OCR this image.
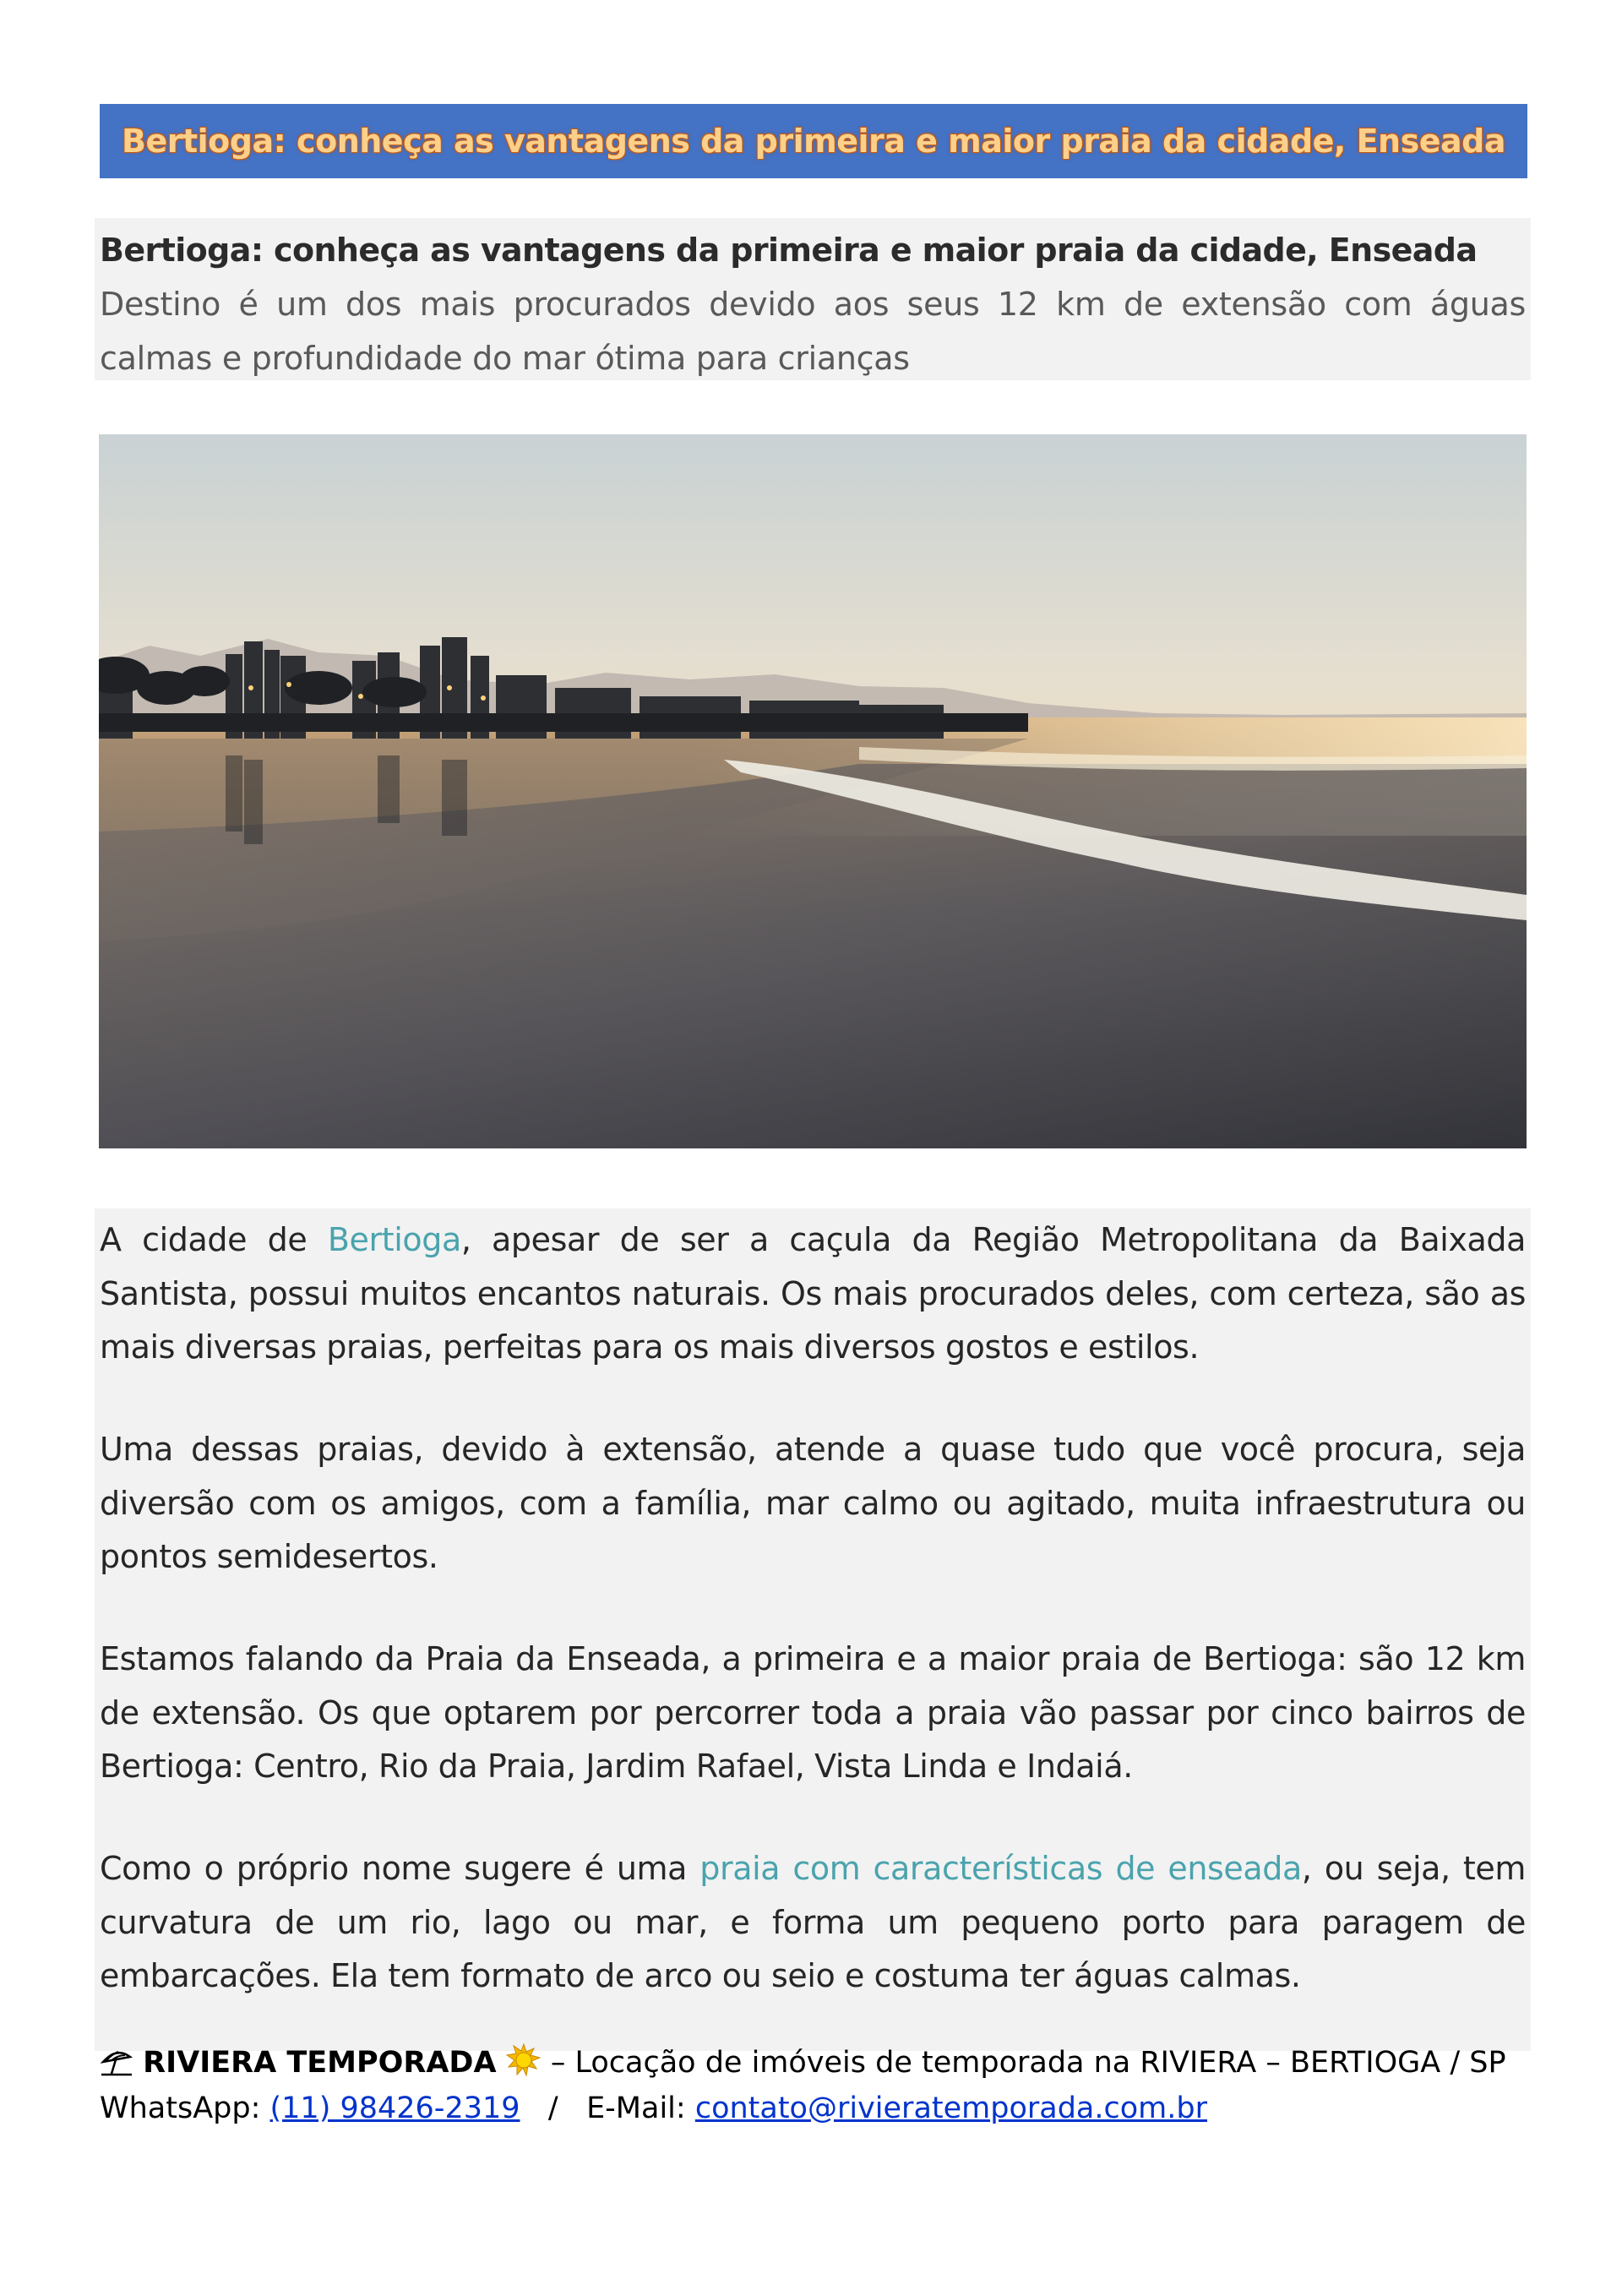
Bertioga: conheça as vantagens da primeira e maior praia da cidade, Enseada
Bertioga: conheça as vantagens da primeira e maior praia da cidade, Enseada
Destino é um dos mais procurados devido aos seus 12 km de extensão com águas calmas e profundidade do mar ótima para crianças
A cidade de Bertioga, apesar de ser a caçula da Região Metropolitana da Baixada Santista, possui muitos encantos naturais. Os mais procurados deles, com certeza, são as mais diversas praias, perfeitas para os mais diversos gostos e estilos.
Uma dessas praias, devido à extensão, atende a quase tudo que você procura, seja diversão com os amigos, com a família, mar calmo ou agitado, muita infraestrutura ou pontos semidesertos.
Estamos falando da Praia da Enseada, a primeira e a maior praia de Bertioga: são 12 km de extensão. Os que optarem por percorrer toda a praia vão passar por cinco bairros de Bertioga: Centro, Rio da Praia, Jardim Rafael, Vista Linda e Indaiá.
Como o próprio nome sugere é uma praia com características de enseada, ou seja, tem curvatura de um rio, lago ou mar, e forma um pequeno porto para paragem de embarcações. Ela tem formato de arco ou seio e costuma ter águas calmas.
RIVIERA TEMPORADA  – Locação de imóveis de temporada na RIVIERA – BERTIOGA / SP
WhatsApp: (11) 98426-2319   /   E-Mail: contato@rivieratemporada.com.br
